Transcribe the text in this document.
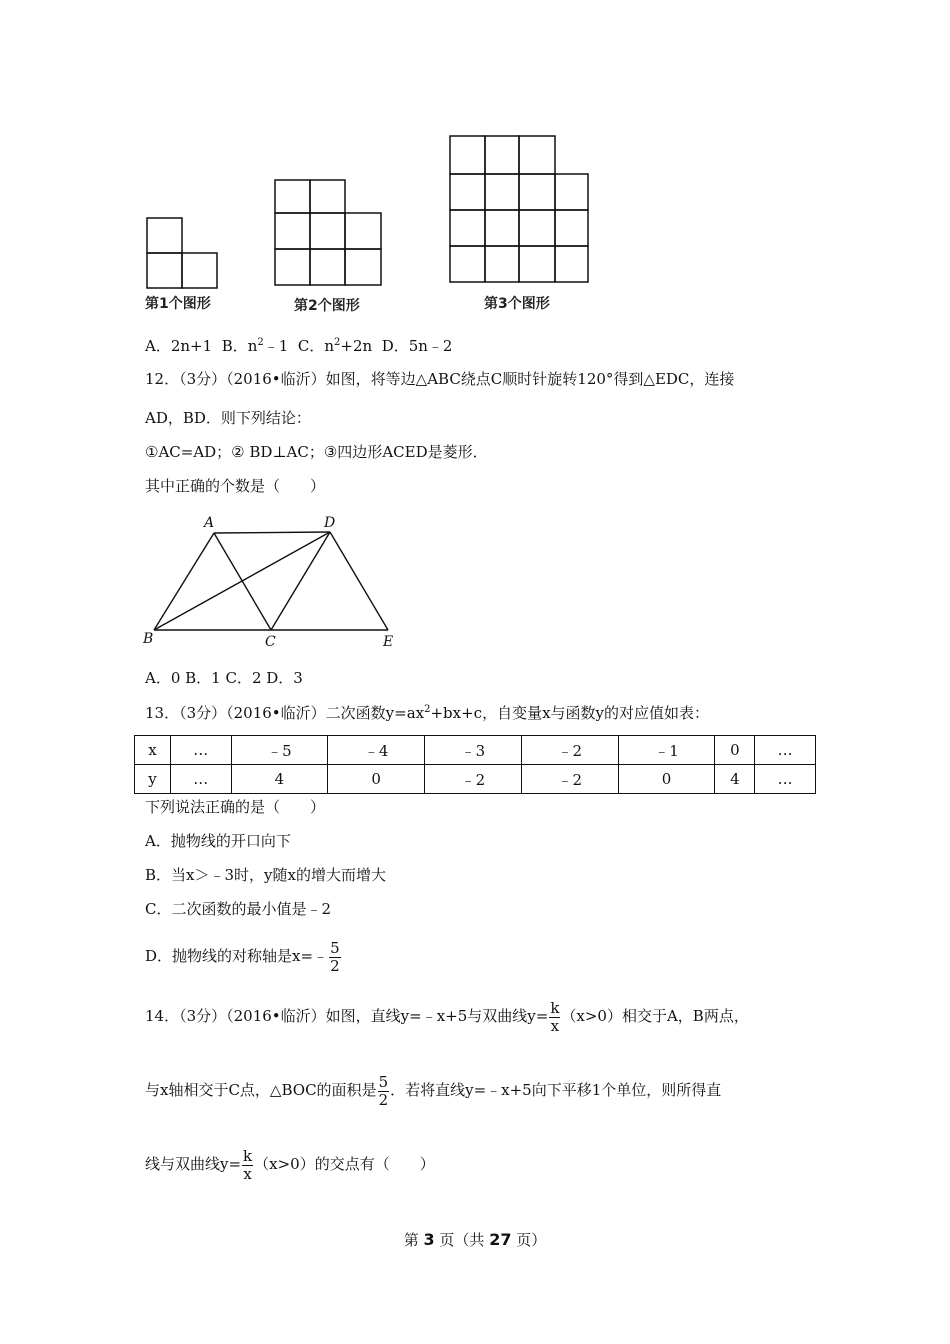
第1个图形	第2个图形	第3个图形
A．2n+1 B．$n^2﹣1$ C．$n^2+2n$ D．5n﹣2
12．（3分）（2016•临沂）如图，将等边△ABC绕点C顺时针旋转120°得到△EDC，连接
AD，BD．则下列结论：
①AC=AD；② BD⊥AC；③四边形ACED是菱形．
其中正确的个数是（　　）
A	D
B	C	E
A．0 B．1 C．2 D．3
13．（3分）（2016•临沂）二次函数$y=ax^2+bx+c$，自变量x与函数y的对应值如表：
x	…	﹣5	﹣4	﹣3	﹣2	﹣1	0	…
y	…	4	0	﹣2	﹣2	0	4	…
下列说法正确的是（　　）
A．抛物线的开口向下
B．当x＞﹣3时，y随x的增大而增大
C．二次函数的最小值是﹣2
D．抛物线的对称轴是x=﹣ $\frac{5}{2}$
14．（3分）（2016•临沂）如图，直线y=﹣x+5与双曲线$y= \frac{k}{x} (x>0)$相交于A，B两点，
与x轴相交于C点，△BOC的面积是 $\frac{5}{2}$ ．若将直线y=﹣x+5向下平移1个单位，则所得直
线与双曲线$y= \frac{k}{x} (x>0)$的交点有（　　）
第 3 页（共 27 页）
